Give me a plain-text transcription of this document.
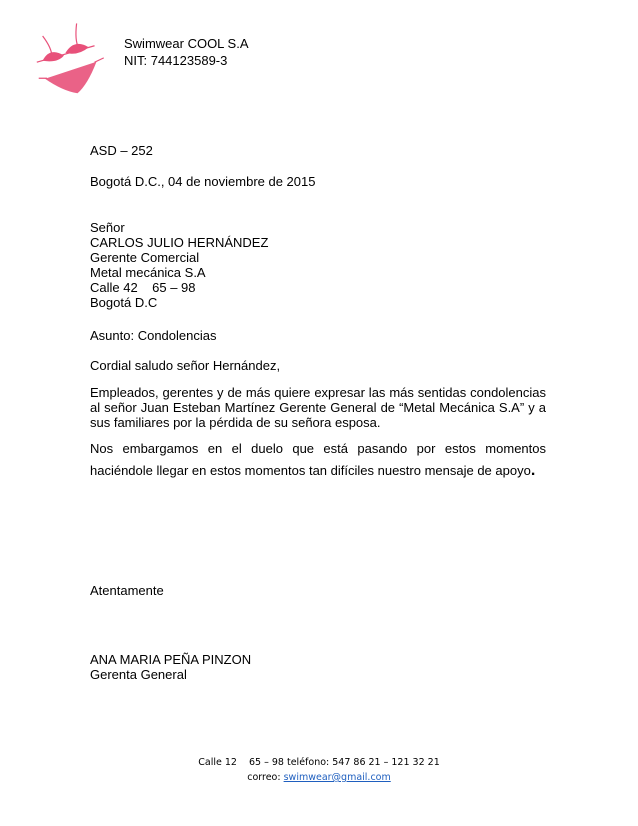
Swimwear COOL S.A
NIT: 744123589-3
ASD – 252
Bogotá D.C., 04 de noviembre de 2015
Señor
CARLOS JULIO HERNÁNDEZ
Gerente Comercial
Metal mecánica S.A
Calle 42    65 – 98
Bogotá D.C
Asunto: Condolencias
Cordial saludo señor Hernández,
Empleados, gerentes y de más quiere expresar las más sentidas condolencias al señor Juan Esteban Martínez Gerente General de “Metal Mecánica S.A” y a sus familiares por la pérdida de su señora esposa.
Nos embargamos en el duelo que está pasando por estos momentos haciéndole llegar en estos momentos tan difíciles nuestro mensaje de apoyo.
Atentamente
ANA MARIA PEÑA PINZON
Gerenta General
Calle 12    65 – 98 teléfono: 547 86 21 – 121 32 21
correo: swimwear@gmail.com
